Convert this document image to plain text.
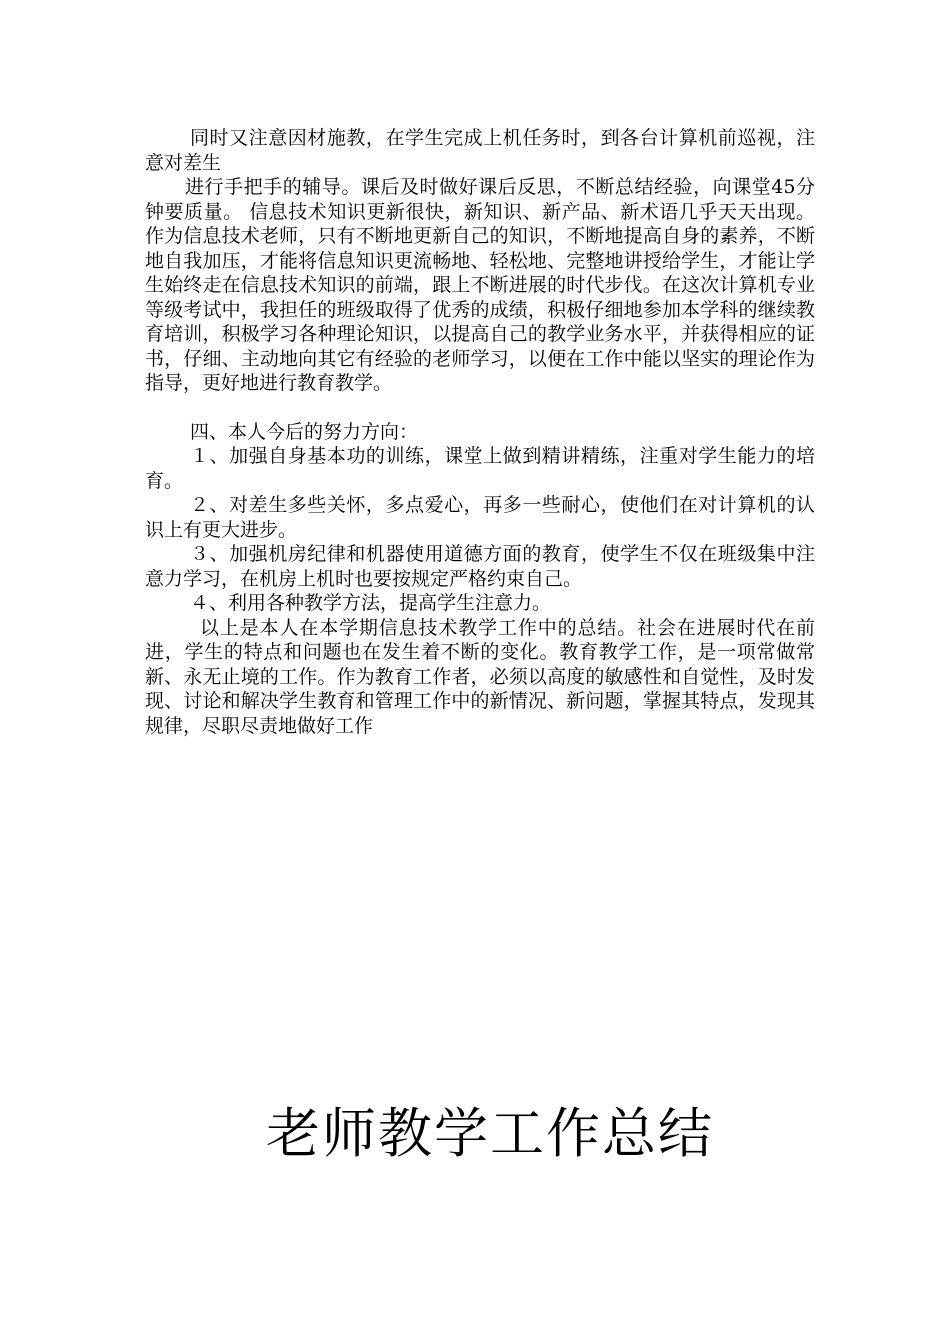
同时又注意因材施教，在学生完成上机任务时，到各台计算机前巡视，注意对差生

进行手把手的辅导。课后及时做好课后反思，不断总结经验，向课堂45分钟要质量。 信息技术知识更新很快，新知识、新产品、新术语几乎天天出现。作为信息技术老师，只有不断地更新自己的知识，不断地提高自身的素养，不断地自我加压，才能将信息知识更流畅地、轻松地、完整地讲授给学生，才能让学生始终走在信息技术知识的前端，跟上不断进展的时代步伐。在这次计算机专业等级考试中，我担任的班级取得了优秀的成绩，积极仔细地参加本学科的继续教育培训，积极学习各种理论知识，以提高自己的教学业务水平，并获得相应的证书，仔细、主动地向其它有经验的老师学习，以便在工作中能以坚实的理论作为指导，更好地进行教育教学。

四、本人今后的努力方向：

１、加强自身基本功的训练，课堂上做到精讲精练，注重对学生能力的培育。

２、对差生多些关怀，多点爱心，再多一些耐心，使他们在对计算机的认识上有更大进步。

３、加强机房纪律和机器使用道德方面的教育，使学生不仅在班级集中注意力学习，在机房上机时也要按规定严格约束自己。

４、利用各种教学方法，提高学生注意力。

以上是本人在本学期信息技术教学工作中的总结。社会在进展时代在前进，学生的特点和问题也在发生着不断的变化。教育教学工作，是一项常做常新、永无止境的工作。作为教育工作者，必须以高度的敏感性和自觉性，及时发现、讨论和解决学生教育和管理工作中的新情况、新问题，掌握其特点，发现其规律，尽职尽责地做好工作

老师教学工作总结
